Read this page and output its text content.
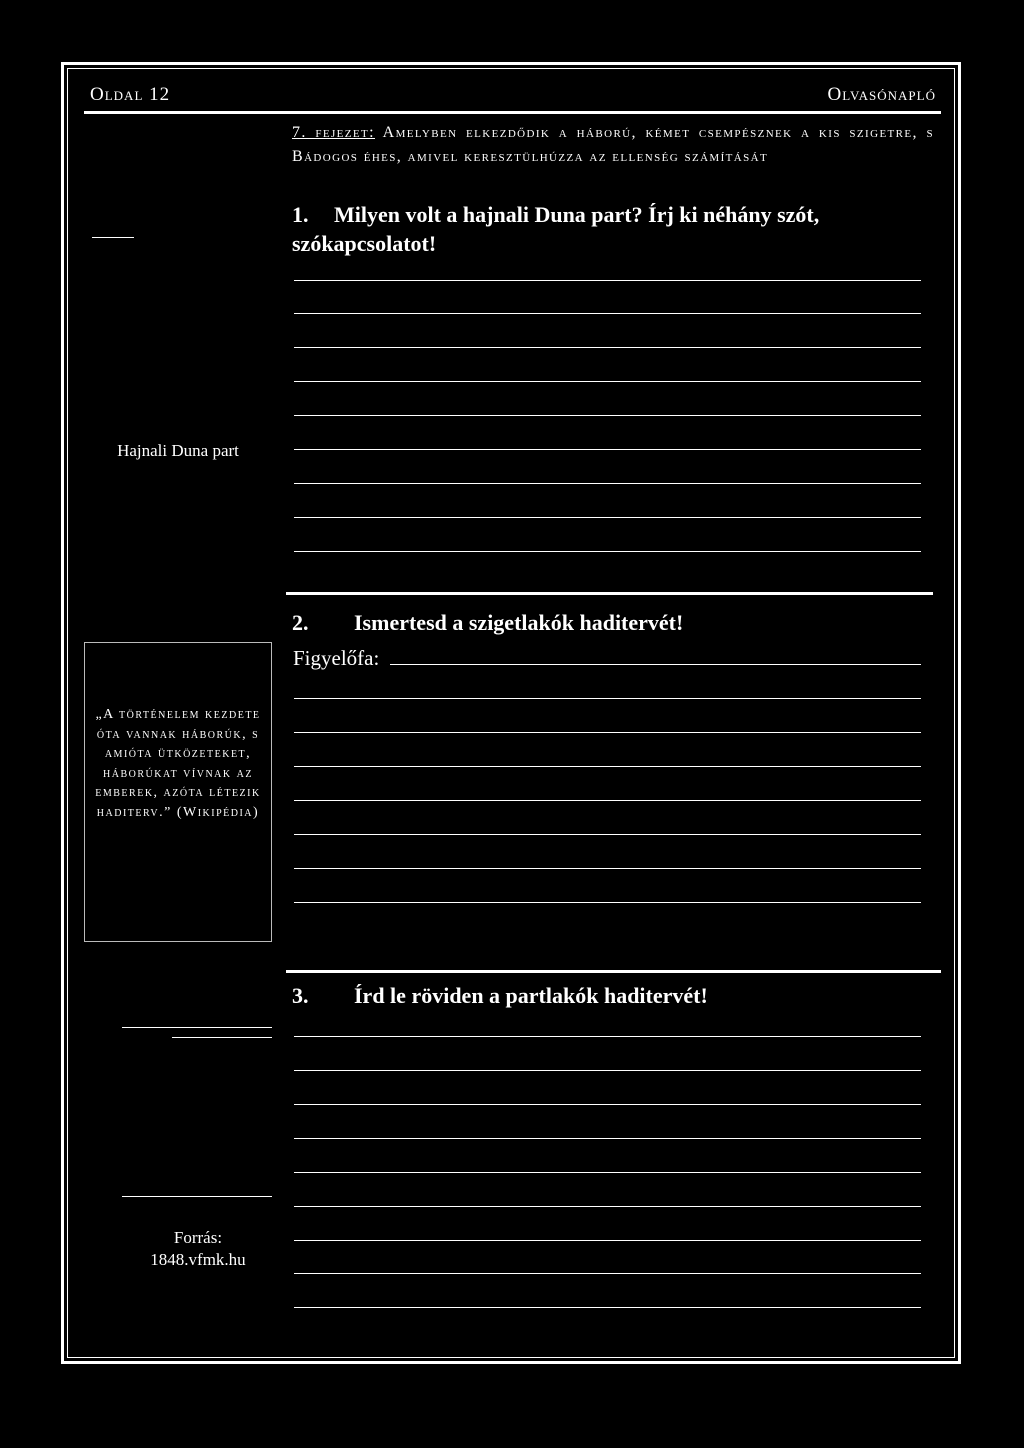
Oldal 12	Olvasónapló
7. fejezet: Amelyben elkezdődik a háború, kémet csempésznek a kis szigetre, s Bádogos éhes, amivel keresztülhúzza az ellenség számítását
1. Milyen volt a hajnali Duna part? Írj ki néhány szót, szókapcsolatot!
Hajnali Duna part
2. Ismertesd a szigetlakók haditervét!
Figyelőfa:
„A történelem kezdete óta vannak háborúk, s amióta ütközeteket, háborúkat vívnak az emberek, azóta létezik haditerv.” (Wikipédia)
3. Írd le röviden a partlakók haditervét!
Forrás:
1848.vfmk.hu
